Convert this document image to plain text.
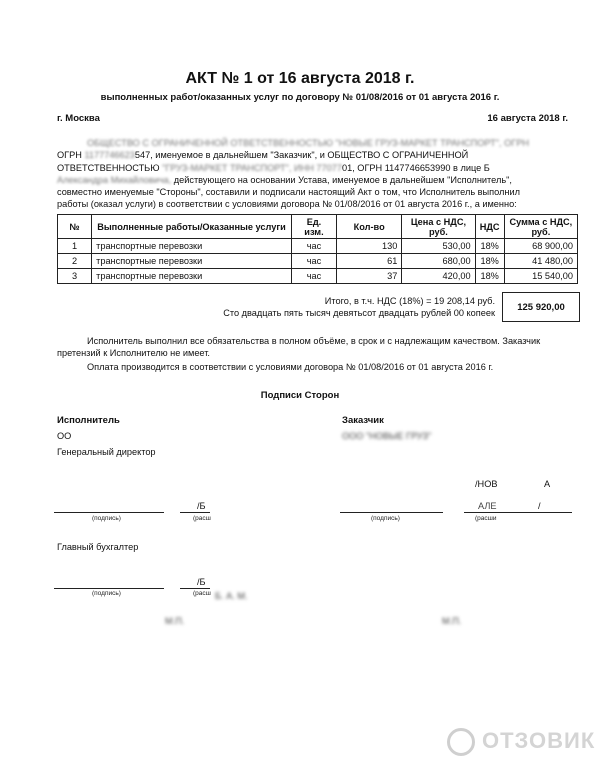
АКТ № 1 от 16 августа 2018 г.
выполненных работ/оказанных услуг по договору № 01/08/2016 от 01 августа 2016 г.
г. Москва	16 августа 2018 г.
ОБЩЕСТВО С ОГРАНИЧЕННОЙ ОТВЕТСТВЕННОСТЬЮ "НОВЫЕ ГРУЗ-МАРКЕТ ТРАНСПОРТ", ОГРН
ОГРН 1177746623547, именуемое в дальнейшем "Заказчик", и ОБЩЕСТВО С ОГРАНИЧЕННОЙ
ОТВЕТСТВЕННОСТЬЮ "ГРУЗ-МАРКЕТ ТРАНСПОРТ", ИНН 7707701, ОГРН 1147746653990 в лице Б
Александра Михайловича, действующего на основании Устава, именуемое в дальнейшем "Исполнитель",
совместно именуемые "Стороны", составили и подписали настоящий Акт о том, что Исполнитель выполнил
работы (оказал услуги) в соответствии с условиями договора № 01/08/2016 от 01 августа 2016 г., а именно:
№	Выполненные работы/Оказанные услуги	Ед. изм.	Кол-во	Цена с НДС, руб.	НДС	Сумма с НДС, руб.
1	транспортные перевозки	час	130	530,00	18%	68 900,00
2	транспортные перевозки	час	61	680,00	18%	41 480,00
3	транспортные перевозки	час	37	420,00	18%	15 540,00
Итого, в т.ч. НДС (18%) = 19 208,14 руб.
Сто двадцать пять тысяч девятьсот двадцать рублей 00 копеек
125 920,00
Исполнитель выполнил все обязательства в полном объёме, в срок и с надлежащим качеством. Заказчик
претензий к Исполнителю не имеет.
Оплата производится в соответствии с условиями договора № 01/08/2016 от 01 августа 2016 г.
Подписи Сторон
Исполнитель
ОО
Генеральный директор
Заказчик
ООО "НОВЫЕ ГРУЗ"
/НОВ	А
(подпись)
/Б
(расш	(подпись)
АЛЕ	/
(расши
Главный бухгалтер
(подпись)
/Б
(расш Б. А. М.
М.П.	М.П.
ОТЗОВИК
